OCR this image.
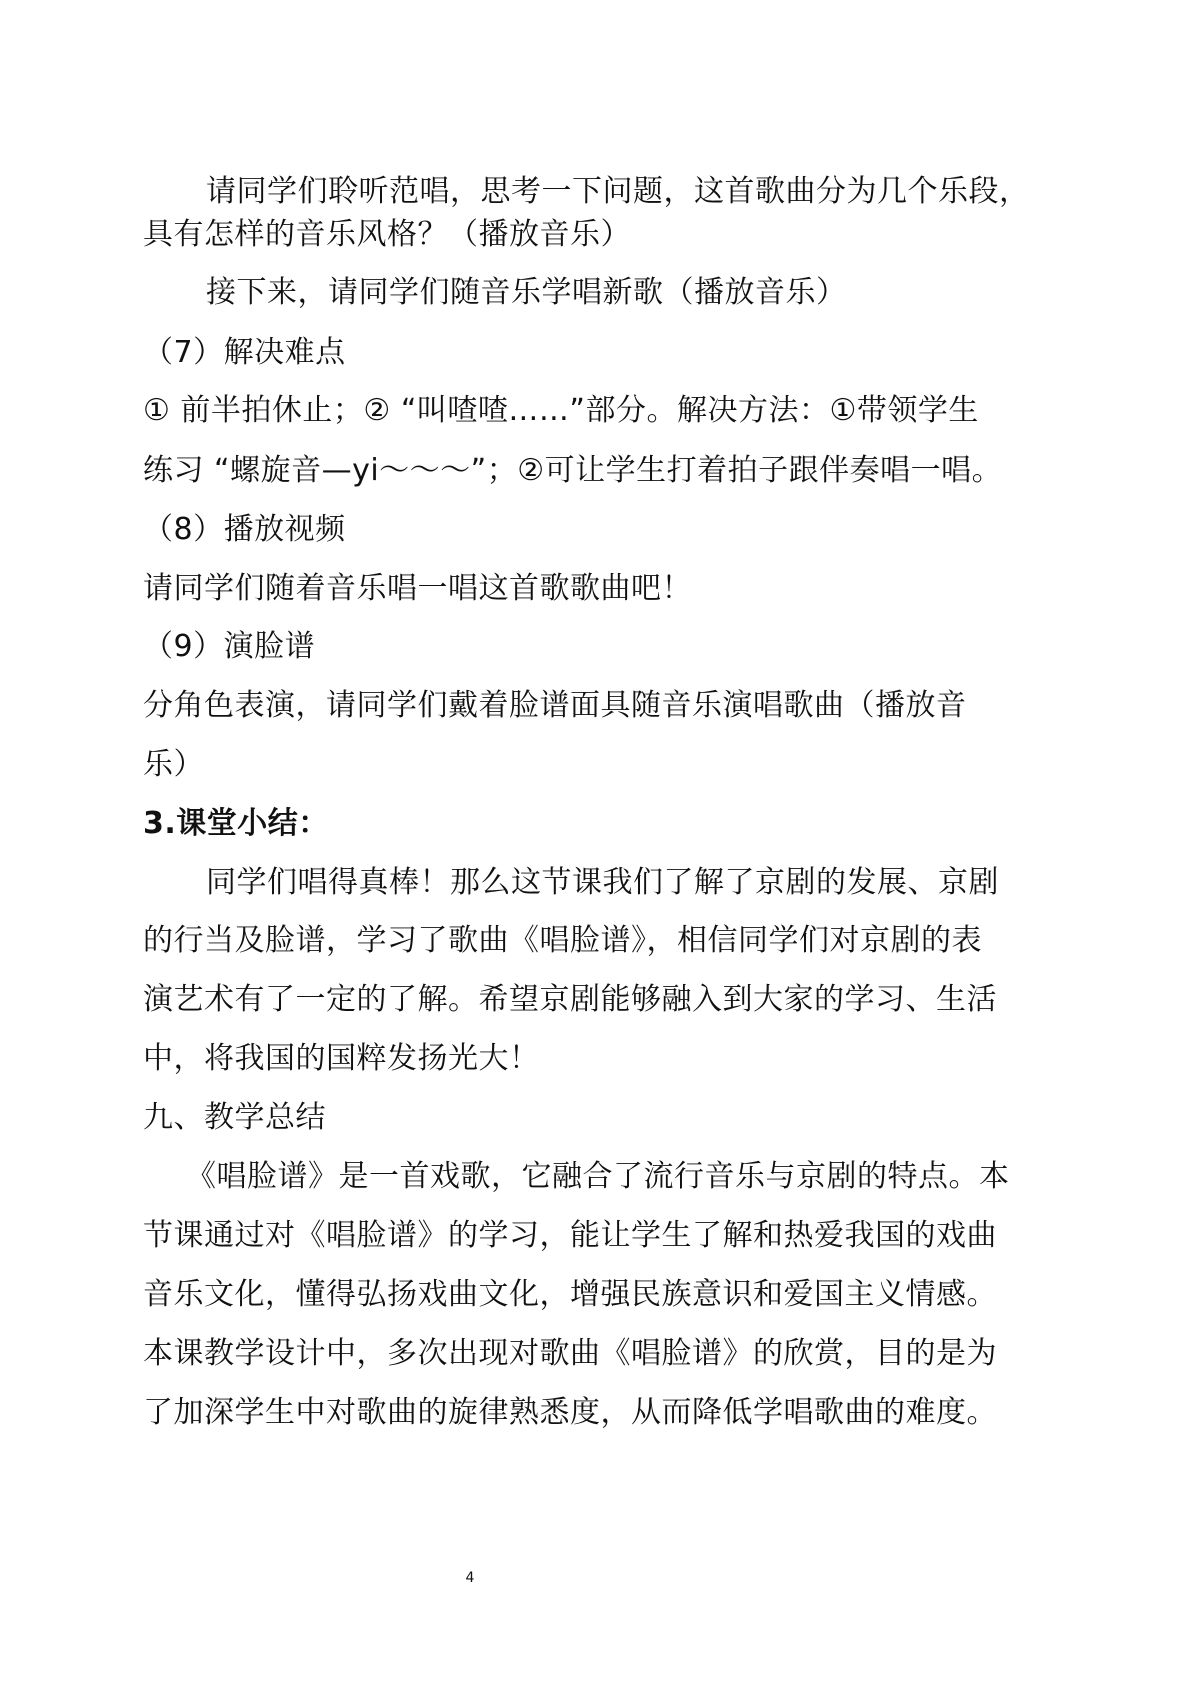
请同学们聆听范唱，思考一下问题，这首歌曲分为几个乐段，
具有怎样的音乐风格？（播放音乐）
接下来，请同学们随音乐学唱新歌（播放音乐）
（7）解决难点
① 前半拍休止；② “叫喳喳……”部分。解决方法：①带领学生
练习 “螺旋音—yi～～～”；②可让学生打着拍子跟伴奏唱一唱。
（8）播放视频
请同学们随着音乐唱一唱这首歌歌曲吧！
（9）演脸谱
分角色表演，请同学们戴着脸谱面具随音乐演唱歌曲（播放音
乐）
3.课堂小结：
同学们唱得真棒！那么这节课我们了解了京剧的发展、京剧
的行当及脸谱，学习了歌曲《唱脸谱》，相信同学们对京剧的表
演艺术有了一定的了解。希望京剧能够融入到大家的学习、生活
中，将我国的国粹发扬光大！
九、教学总结
《唱脸谱》是一首戏歌，它融合了流行音乐与京剧的特点。本
节课通过对《唱脸谱》的学习，能让学生了解和热爱我国的戏曲
音乐文化，懂得弘扬戏曲文化，增强民族意识和爱国主义情感。
本课教学设计中，多次出现对歌曲《唱脸谱》的欣赏，目的是为
了加深学生中对歌曲的旋律熟悉度，从而降低学唱歌曲的难度。
4
